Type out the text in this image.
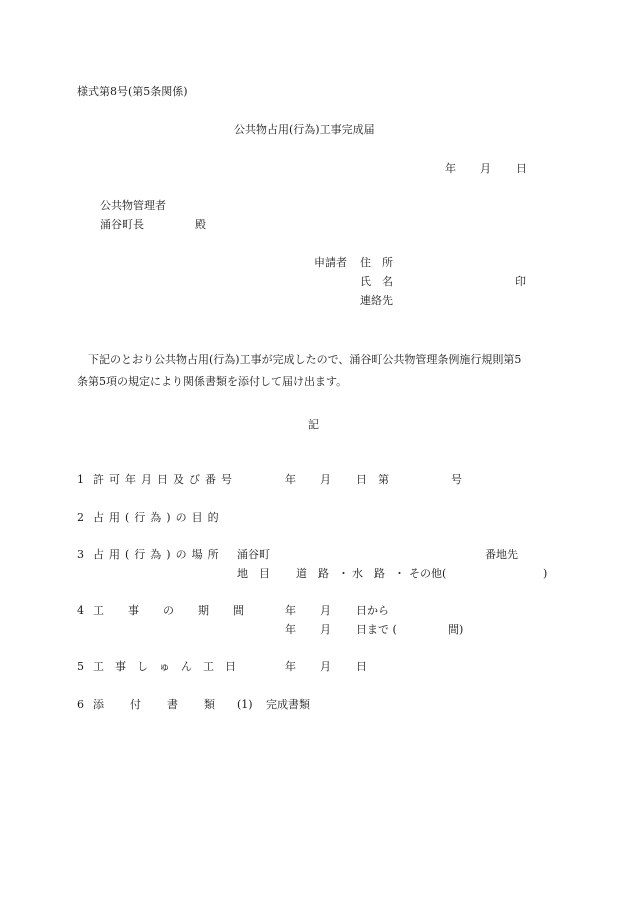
様式第8号(第5条関係)
公共物占用(行為)工事完成届
年 月 日
公共物管理者
涌谷町長	殿
申請者 住　所
氏　名	印
連絡先
　下記のとおり公共物占用(行為)工事が完成したので、涌谷町公共物管理条例施行規則第5
条第5項の規定により関係書類を添付して届け出ます。
記
1 許可年月日及び番号	年 月 日 第	号
2 占用(行為)の目的
3 占用(行為)の場所 涌谷町	番地先
地　目 道　路 ・ 水　路 ・ その他(	)
4 工事の期間 年 月 日から
年 月 日まで (	間)
5 工事しゅん工日	年 月 日
6 添付書類
(1) 完成書類
